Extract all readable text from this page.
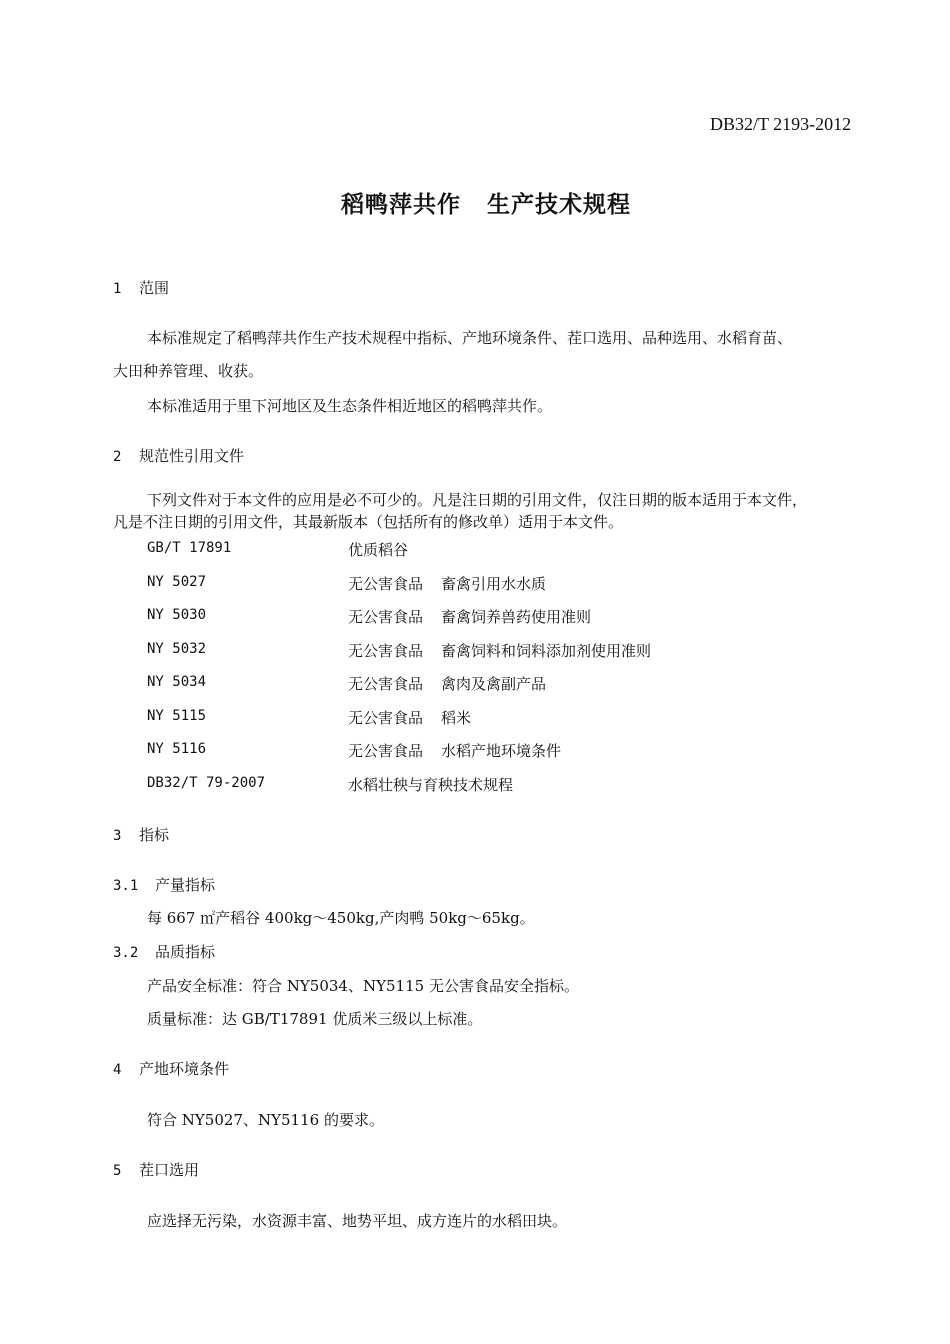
DB32/T 2193-2012
稻鸭萍共作 生产技术规程
1 范围
本标准规定了稻鸭萍共作生产技术规程中指标、产地环境条件、茬口选用、品种选用、水稻育苗、
大田种养管理、收获。
本标准适用于里下河地区及生态条件相近地区的稻鸭萍共作。
2 规范性引用文件
下列文件对于本文件的应用是必不可少的。凡是注日期的引用文件，仅注日期的版本适用于本文件，
凡是不注日期的引用文件，其最新版本（包括所有的修改单）适用于本文件。
GB/T 17891	优质稻谷
NY 5027	无公害食品 畜禽引用水水质
NY 5030	无公害食品 畜禽饲养兽药使用准则
NY 5032	无公害食品 畜禽饲料和饲料添加剂使用准则
NY 5034	无公害食品 禽肉及禽副产品
NY 5115	无公害食品 稻米
NY 5116	无公害食品 水稻产地环境条件
DB32/T 79-2007	水稻壮秧与育秧技术规程
3 指标
3.1 产量指标
每 667 ㎡产稻谷 400kg～450kg,产肉鸭 50kg～65kg。
3.2 品质指标
产品安全标准：符合 NY5034、NY5115 无公害食品安全指标。
质量标准：达 GB/T17891 优质米三级以上标准。
4 产地环境条件
符合 NY5027、NY5116 的要求。
5 茬口选用
应选择无污染，水资源丰富、地势平坦、成方连片的水稻田块。
